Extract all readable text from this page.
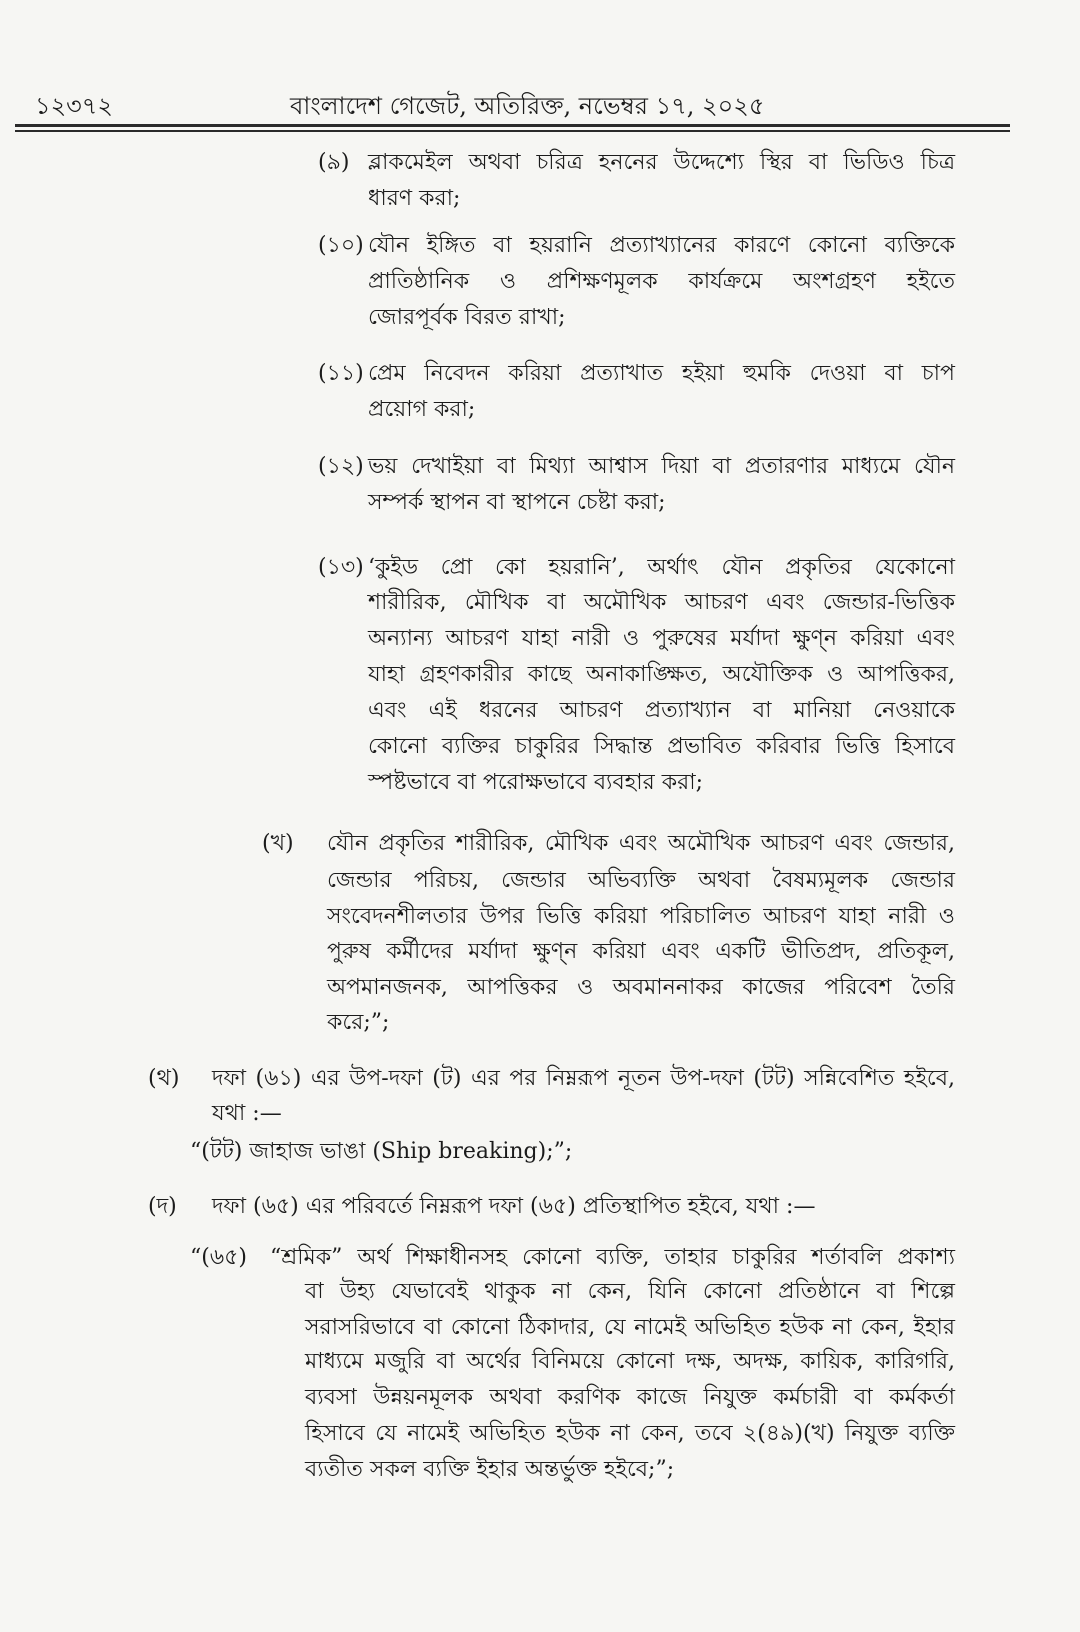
১২৩৭২	বাংলাদেশ গেজেট, অতিরিক্ত, নভেম্বর ১৭, ২০২৫
(৯) ব্লাকমেইল অথবা চরিত্র হননের উদ্দেশ্যে স্থির বা ভিডিও চিত্র
ধারণ করা;
(১০) যৌন ইঙ্গিত বা হয়রানি প্রত্যাখ্যানের কারণে কোনো ব্যক্তিকে
প্রাতিষ্ঠানিক ও প্রশিক্ষণমূলক কার্যক্রমে অংশগ্রহণ হইতে
জোরপূর্বক বিরত রাখা;
(১১) প্রেম নিবেদন করিয়া প্রত্যাখাত হইয়া হুমকি দেওয়া বা চাপ
প্রয়োগ করা;
(১২) ভয় দেখাইয়া বা মিথ্যা আশ্বাস দিয়া বা প্রতারণার মাধ্যমে যৌন
সম্পর্ক স্থাপন বা স্থাপনে চেষ্টা করা;
(১৩) ‘কুইড প্রো কো হয়রানি’, অর্থাৎ যৌন প্রকৃতির যেকোনো
শারীরিক, মৌখিক বা অমৌখিক আচরণ এবং জেন্ডার-ভিত্তিক
অন্যান্য আচরণ যাহা নারী ও পুরুষের মর্যাদা ক্ষুণ্ন করিয়া এবং
যাহা গ্রহণকারীর কাছে অনাকাঙ্ক্ষিত, অযৌক্তিক ও আপত্তিকর,
এবং এই ধরনের আচরণ প্রত্যাখ্যান বা মানিয়া নেওয়াকে
কোনো ব্যক্তির চাকুরির সিদ্ধান্ত প্রভাবিত করিবার ভিত্তি হিসাবে
স্পষ্টভাবে বা পরোক্ষভাবে ব্যবহার করা;
(খ) যৌন প্রকৃতির শারীরিক, মৌখিক এবং অমৌখিক আচরণ এবং জেন্ডার,
জেন্ডার পরিচয়, জেন্ডার অভিব্যক্তি অথবা বৈষম্যমূলক জেন্ডার
সংবেদনশীলতার উপর ভিত্তি করিয়া পরিচালিত আচরণ যাহা নারী ও
পুরুষ কর্মীদের মর্যাদা ক্ষুণ্ন করিয়া এবং একটি ভীতিপ্রদ, প্রতিকূল,
অপমানজনক, আপত্তিকর ও অবমাননাকর কাজের পরিবেশ তৈরি
করে;”;
(থ) দফা (৬১) এর উপ-দফা (ট) এর পর নিম্নরূপ নূতন উপ-দফা (টট) সন্নিবেশিত হইবে,
যথা :—
“(টট) জাহাজ ভাঙা (Ship breaking);”;
(দ) দফা (৬৫) এর পরিবর্তে নিম্নরূপ দফা (৬৫) প্রতিস্থাপিত হইবে, যথা :—
“(৬৫) “শ্রমিক” অর্থ শিক্ষাধীনসহ কোনো ব্যক্তি, তাহার চাকুরির শর্তাবলি প্রকাশ্য
বা উহ্য যেভাবেই থাকুক না কেন, যিনি কোনো প্রতিষ্ঠানে বা শিল্পে
সরাসরিভাবে বা কোনো ঠিকাদার, যে নামেই অভিহিত হউক না কেন, ইহার
মাধ্যমে মজুরি বা অর্থের বিনিময়ে কোনো দক্ষ, অদক্ষ, কায়িক, কারিগরি,
ব্যবসা উন্নয়নমূলক অথবা করণিক কাজে নিযুক্ত কর্মচারী বা কর্মকর্তা
হিসাবে যে নামেই অভিহিত হউক না কেন, তবে ২(৪৯)(খ) নিযুক্ত ব্যক্তি
ব্যতীত সকল ব্যক্তি ইহার অন্তর্ভুক্ত হইবে;”;
